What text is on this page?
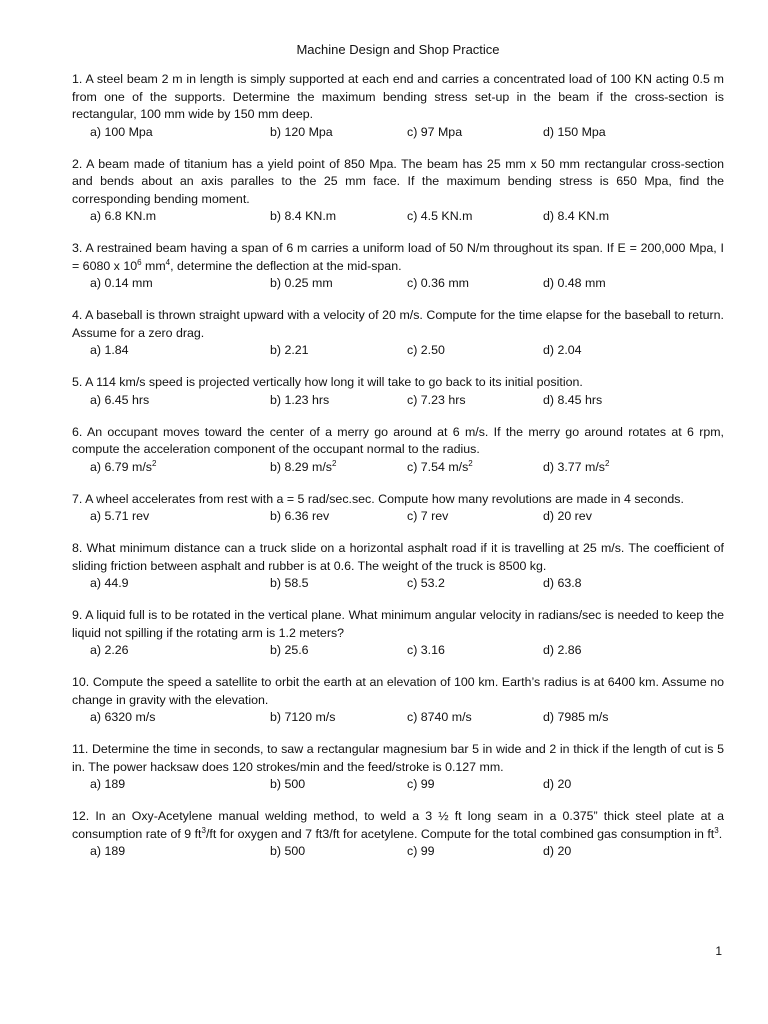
Machine Design and Shop Practice
1. A steel beam 2 m in length is simply supported at each end and carries a concentrated load of 100 KN acting 0.5 m from one of the supports. Determine the maximum bending stress set-up in the beam if the cross-section is rectangular, 100 mm wide by 150 mm deep.
a) 100 Mpa	b) 120 Mpa	c) 97 Mpa	d) 150 Mpa
2. A beam made of titanium has a yield point of 850 Mpa. The beam has 25 mm x 50 mm rectangular cross-section and bends about an axis paralles to the 25 mm face. If the maximum bending stress is 650 Mpa, find the corresponding bending moment.
a) 6.8 KN.m	b) 8.4 KN.m	c) 4.5 KN.m	d) 8.4 KN.m
3. A restrained beam having a span of 6 m carries a uniform load of 50 N/m throughout its span. If E = 200,000 Mpa, I = 6080 x $10^6$ $mm^4$, determine the deflection at the mid-span.
a) 0.14 mm	b) 0.25 mm	c) 0.36 mm	d) 0.48 mm
4. A baseball is thrown straight upward with a velocity of 20 m/s. Compute for the time elapse for the baseball to return. Assume for a zero drag.
a) 1.84	b) 2.21	c) 2.50	d) 2.04
5. A 114 km/s speed is projected vertically how long it will take to go back to its initial position.
a) 6.45 hrs	b) 1.23 hrs	c) 7.23 hrs	d) 8.45 hrs
6. An occupant moves toward the center of a merry go around at 6 m/s. If the merry go around rotates at 6 rpm, compute the acceleration component of the occupant normal to the radius.
a) 6.79 $m/s^2$	b) 8.29 $m/s^2$	c) 7.54 $m/s^2$	d) 3.77 $m/s^2$
7. A wheel accelerates from rest with a = 5 rad/sec.sec. Compute how many revolutions are made in 4 seconds.
a) 5.71 rev	b) 6.36 rev	c) 7 rev	d) 20 rev
8. What minimum distance can a truck slide on a horizontal asphalt road if it is travelling at 25 m/s. The coefficient of sliding friction between asphalt and rubber is at 0.6. The weight of the truck is 8500 kg.
a) 44.9	b) 58.5	c) 53.2	d) 63.8
9. A liquid full is to be rotated in the vertical plane. What minimum angular velocity in radians/sec is needed to keep the liquid not spilling if the rotating arm is 1.2 meters?
a) 2.26	b) 25.6	c) 3.16	d) 2.86
10. Compute the speed a satellite to orbit the earth at an elevation of 100 km. Earth’s radius is at 6400 km. Assume no change in gravity with the elevation.
a) 6320 m/s	b) 7120 m/s	c) 8740 m/s	d) 7985 m/s
11. Determine the time in seconds, to saw a rectangular magnesium bar 5 in wide and 2 in thick if the length of cut is 5 in. The power hacksaw does 120 strokes/min and the feed/stroke is 0.127 mm.
a) 189	b) 500	c) 99	d) 20
12. In an Oxy-Acetylene manual welding method, to weld a 3 ½ ft long seam in a 0.375” thick steel plate at a consumption rate of 9 $ft^3/ft$ for oxygen and 7 ft3/ft for acetylene. Compute for the total combined gas consumption in $ft^3$.
a) 189	b) 500	c) 99	d) 20
1
